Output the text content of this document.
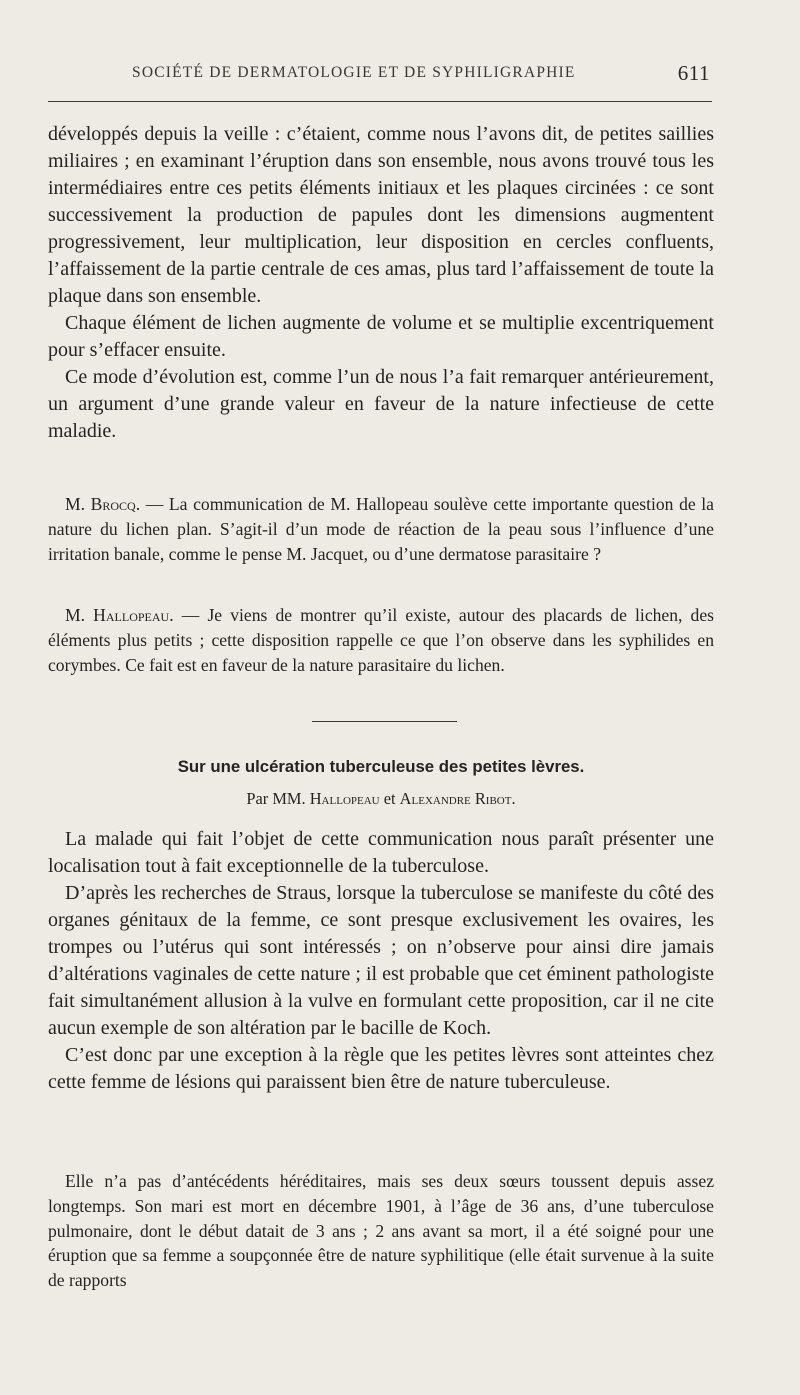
SOCIÉTÉ DE DERMATOLOGIE ET DE SYPHILIGRAPHIE	611

développés depuis la veille : c’étaient, comme nous l’avons dit, de petites saillies miliaires ; en examinant l’éruption dans son ensemble, nous avons trouvé tous les intermédiaires entre ces petits éléments initiaux et les plaques circinées : ce sont successivement la production de papules dont les dimensions augmentent progressivement, leur multiplication, leur disposition en cercles confluents, l’affaissement de la partie centrale de ces amas, plus tard l’affaissement de toute la plaque dans son ensemble.

Chaque élément de lichen augmente de volume et se multiplie excentriquement pour s’effacer ensuite.

Ce mode d’évolution est, comme l’un de nous l’a fait remarquer antérieurement, un argument d’une grande valeur en faveur de la nature infectieuse de cette maladie.

M. Brocq. — La communication de M. Hallopeau soulève cette importante question de la nature du lichen plan. S’agit-il d’un mode de réaction de la peau sous l’influence d’une irritation banale, comme le pense M. Jacquet, ou d’une dermatose parasitaire ?

M. Hallopeau. — Je viens de montrer qu’il existe, autour des placards de lichen, des éléments plus petits ; cette disposition rappelle ce que l’on observe dans les syphilides en corymbes. Ce fait est en faveur de la nature parasitaire du lichen.

Sur une ulcération tuberculeuse des petites lèvres.
Par MM. Hallopeau et Alexandre Ribot.

La malade qui fait l’objet de cette communication nous paraît présenter une localisation tout à fait exceptionnelle de la tuberculose.

D’après les recherches de Straus, lorsque la tuberculose se manifeste du côté des organes génitaux de la femme, ce sont presque exclusivement les ovaires, les trompes ou l’utérus qui sont intéressés ; on n’observe pour ainsi dire jamais d’altérations vaginales de cette nature ; il est probable que cet éminent pathologiste fait simultanément allusion à la vulve en formulant cette proposition, car il ne cite aucun exemple de son altération par le bacille de Koch.

C’est donc par une exception à la règle que les petites lèvres sont atteintes chez cette femme de lésions qui paraissent bien être de nature tuberculeuse.

Elle n’a pas d’antécédents héréditaires, mais ses deux sœurs toussent depuis assez longtemps. Son mari est mort en décembre 1901, à l’âge de 36 ans, d’une tuberculose pulmonaire, dont le début datait de 3 ans ; 2 ans avant sa mort, il a été soigné pour une éruption que sa femme a soupçonnée être de nature syphilitique (elle était survenue à la suite de rapports
